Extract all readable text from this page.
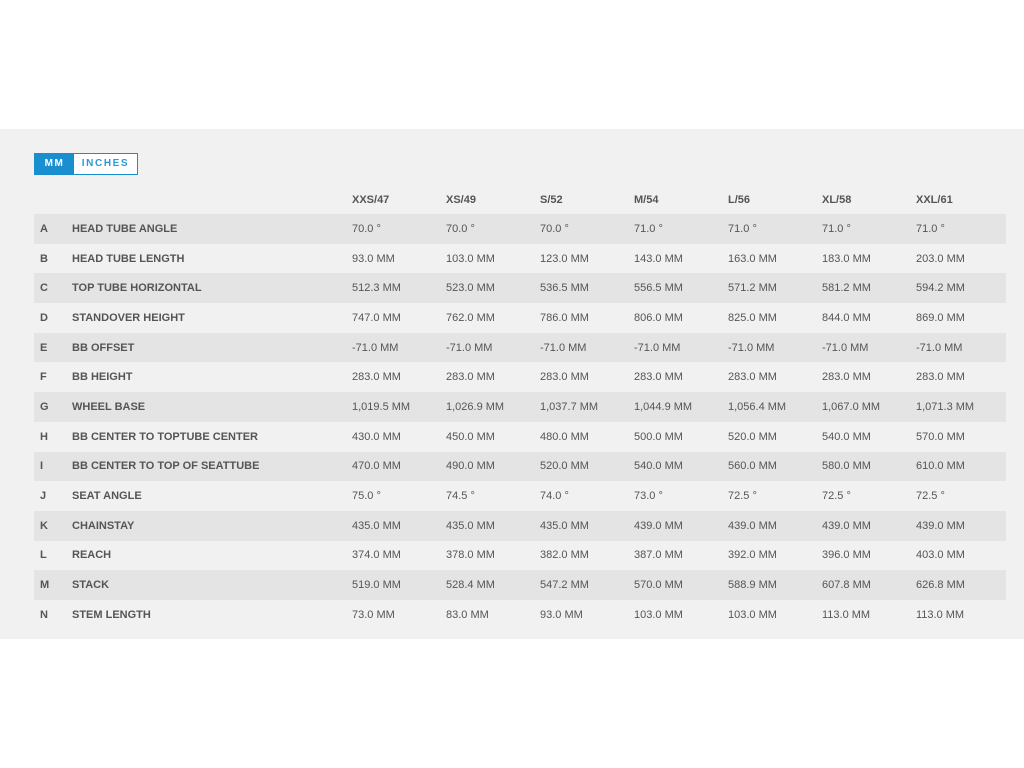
MM	INCHES
		XXS/47	XS/49	S/52	M/54	L/56	XL/58	XXL/61
A	HEAD TUBE ANGLE	70.0 °	70.0 °	70.0 °	71.0 °	71.0 °	71.0 °	71.0 °
B	HEAD TUBE LENGTH	93.0 MM	103.0 MM	123.0 MM	143.0 MM	163.0 MM	183.0 MM	203.0 MM
C	TOP TUBE HORIZONTAL	512.3 MM	523.0 MM	536.5 MM	556.5 MM	571.2 MM	581.2 MM	594.2 MM
D	STANDOVER HEIGHT	747.0 MM	762.0 MM	786.0 MM	806.0 MM	825.0 MM	844.0 MM	869.0 MM
E	BB OFFSET	-71.0 MM	-71.0 MM	-71.0 MM	-71.0 MM	-71.0 MM	-71.0 MM	-71.0 MM
F	BB HEIGHT	283.0 MM	283.0 MM	283.0 MM	283.0 MM	283.0 MM	283.0 MM	283.0 MM
G	WHEEL BASE	1,019.5 MM	1,026.9 MM	1,037.7 MM	1,044.9 MM	1,056.4 MM	1,067.0 MM	1,071.3 MM
H	BB CENTER TO TOPTUBE CENTER	430.0 MM	450.0 MM	480.0 MM	500.0 MM	520.0 MM	540.0 MM	570.0 MM
I	BB CENTER TO TOP OF SEATTUBE	470.0 MM	490.0 MM	520.0 MM	540.0 MM	560.0 MM	580.0 MM	610.0 MM
J	SEAT ANGLE	75.0 °	74.5 °	74.0 °	73.0 °	72.5 °	72.5 °	72.5 °
K	CHAINSTAY	435.0 MM	435.0 MM	435.0 MM	439.0 MM	439.0 MM	439.0 MM	439.0 MM
L	REACH	374.0 MM	378.0 MM	382.0 MM	387.0 MM	392.0 MM	396.0 MM	403.0 MM
M	STACK	519.0 MM	528.4 MM	547.2 MM	570.0 MM	588.9 MM	607.8 MM	626.8 MM
N	STEM LENGTH	73.0 MM	83.0 MM	93.0 MM	103.0 MM	103.0 MM	113.0 MM	113.0 MM
